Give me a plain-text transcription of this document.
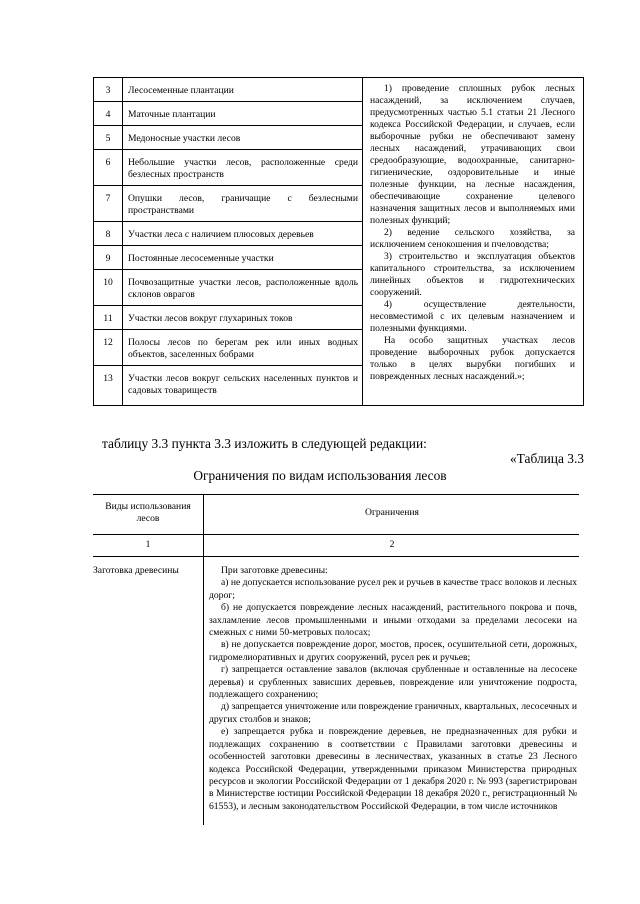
3	Лесосеменные плантации	1) проведение сплошных рубок лесных насаждений, за исключением случаев, предусмотренных частью 5.1 статьи 21 Лесного кодекса Российской Федерации, и случаев, если выборочные рубки не обеспечивают замену лесных насаждений, утрачивающих свои средообразующие, водоохранные, санитарно-гигиенические, оздоровительные и иные полезные функции, на лесные насаждения, обеспечивающие сохранение целевого назначения защитных лесов и выполняемых ими полезных функций;

2) ведение сельского хозяйства, за исключением сенокошения и пчеловодства;

3) строительство и эксплуатация объектов капитального строительства, за исключением линейных объектов и гидротехнических сооружений.

4) осуществление деятельности, несовместимой с их целевым назначением и полезными функциями.

На особо защитных участках лесов проведение выборочных рубок допускается только в целях вырубки погибших и поврежденных лесных насаждений.»;

4	Маточные плантации	

5	Медоносные участки лесов	

6	Небольшие участки лесов, расположенные среди безлесных пространств	

7	Опушки лесов, граничащие с безлесными пространствами	

8	Участки леса с наличием плюсовых деревьев	

9	Постоянные лесосеменные участки	

10	Почвозащитные участки лесов, расположенные вдоль склонов оврагов	

11	Участки лесов вокруг глухариных токов	

12	Полосы лесов по берегам рек или иных водных объектов, заселенных бобрами	

13	Участки лесов вокруг сельских населенных пунктов и садовых товариществ	
таблицу 3.3 пункта 3.3 изложить в следующей редакции:
«Таблица 3.3
Ограничения по видам использования лесов
Виды использования лесов
Ограничения
1	2
Заготовка древесины	При заготовке древесины:

а) не допускается использование русел рек и ручьев в качестве трасс волоков и лесных дорог;

б) не допускается повреждение лесных насаждений, растительного покрова и почв, захламление лесов промышленными и иными отходами за пределами лесосеки на смежных с ними 50-метровых полосах;

в) не допускается повреждение дорог, мостов, просек, осушительной сети, дорожных, гидромелиоративных и других сооружений, русел рек и ручьев;

г) запрещается оставление завалов (включая срубленные и оставленные на лесосеке деревья) и срубленных зависших деревьев, повреждение или уничтожение подроста, подлежащего сохранению;

д) запрещается уничтожение или повреждение граничных, квартальных, лесосечных и других столбов и знаков;

е) запрещается рубка и повреждение деревьев, не предназначенных для рубки и подлежащих сохранению в соответствии с Правилами заготовки древесины и особенностей заготовки древесины в лесничествах, указанных в статье 23 Лесного кодекса Российской Федерации, утвержденными приказом Министерства природных ресурсов и экологии Российской Федерации от 1 декабря 2020 г. № 993 (зарегистрирован в Министерстве юстиции Российской Федерации 18 декабря 2020 г., регистрационный № 61553), и лесным законодательством Российской Федерации, в том числе источников
